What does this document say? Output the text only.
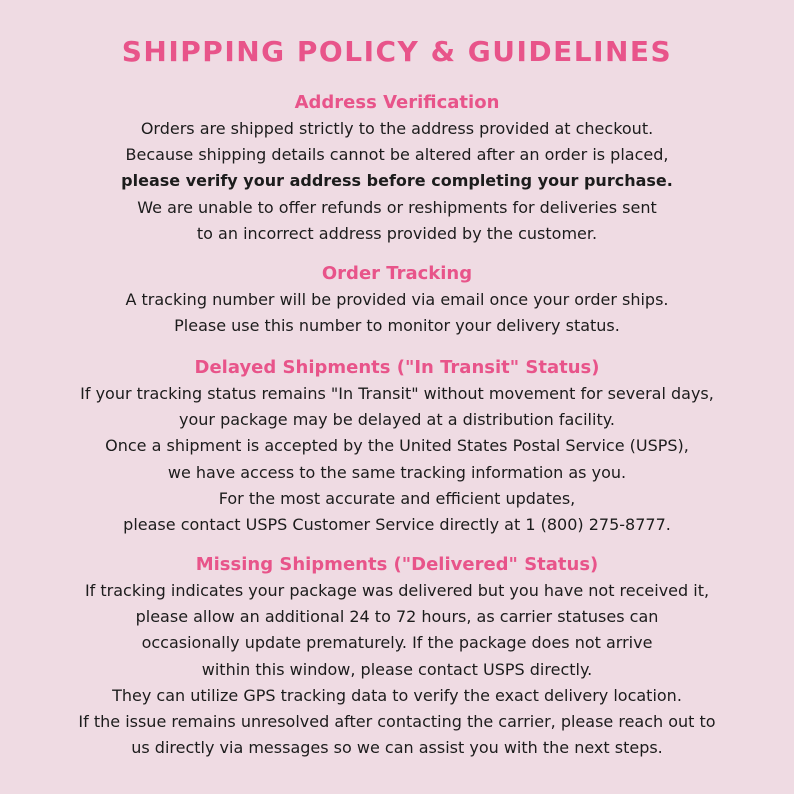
SHIPPING POLICY & GUIDELINES

Address Verification

Orders are shipped strictly to the address provided at checkout.

Because shipping details cannot be altered after an order is placed,

please verify your address before completing your purchase.

We are unable to offer refunds or reshipments for deliveries sent

to an incorrect address provided by the customer.

Order Tracking

A tracking number will be provided via email once your order ships.

Please use this number to monitor your delivery status.

Delayed Shipments ("In Transit" Status)

If your tracking status remains "In Transit" without movement for several days,

your package may be delayed at a distribution facility.

Once a shipment is accepted by the United States Postal Service (USPS),

we have access to the same tracking information as you.

For the most accurate and efficient updates,

please contact USPS Customer Service directly at 1 (800) 275-8777.

Missing Shipments ("Delivered" Status)

If tracking indicates your package was delivered but you have not received it,

please allow an additional 24 to 72 hours, as carrier statuses can

occasionally update prematurely. If the package does not arrive

within this window, please contact USPS directly.

They can utilize GPS tracking data to verify the exact delivery location.

If the issue remains unresolved after contacting the carrier, please reach out to

us directly via messages so we can assist you with the next steps.
